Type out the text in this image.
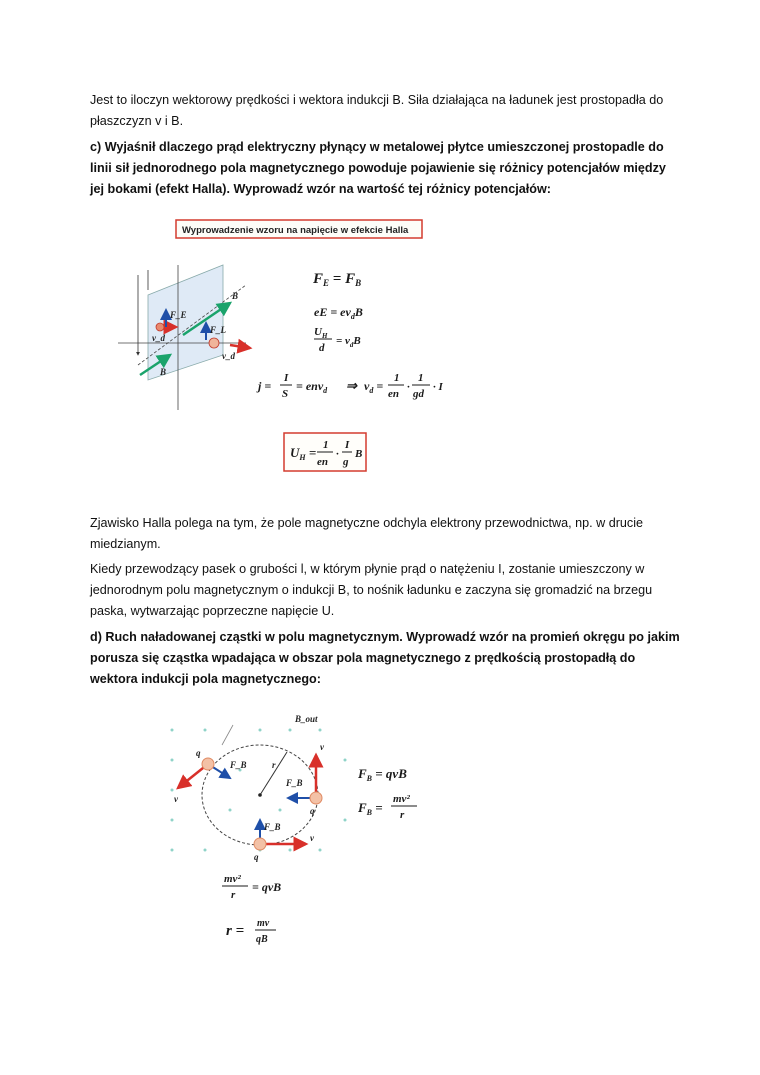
Jest to iloczyn wektorowy prędkości i wektora indukcji B. Siła działająca na ładunek jest prostopadła do płaszczyzn v i B.

c) Wyjaśnił dlaczego prąd elektryczny płynący w metalowej płytce umieszczonej prostopadle do linii sił jednorodnego pola magnetycznego powoduje pojawienie się różnicy potencjałów między jej bokami (efekt Halla). Wyprowadź wzór na wartość tej różnicy potencjałów:

Wyprowadzenie wzoru na napięcie w efekcie Halla
B
B
F_E
F_L
v_d
v_d
$F_E = F_B$
eE = $ev_dB$
$U_H$
d
= $v_dB$
j =
I
S
= env$_d$ ⇒ $v_d$ =
1
en
·
1
gd
· I
$U_H = 1$
en
·
I
g
B

Zjawisko Halla polega na tym, że pole magnetyczne odchyla elektrony przewodnictwa, np. w drucie miedzianym.

Kiedy przewodzący pasek o grubości l, w którym płynie prąd o natężeniu I, zostanie umieszczony w jednorodnym polu magnetycznym o indukcji B, to nośnik ładunku e zaczyna się gromadzić na brzegu paska, wytwarzając poprzeczne napięcie U.

d) Ruch naładowanej cząstki w polu magnetycznym. Wyprowadź wzór na promień okręgu po jakim porusza się cząstka wpadająca w obszar pola magnetycznego z prędkością prostopadłą do wektora indukcji pola magnetycznego:

q
q
q
v
v
v
F_B
F_B
F_B
r
B_out
$F_B$ = qvB
$F_B$ =
mv²
r
mv²
r
= qvB
r = mv
qB
